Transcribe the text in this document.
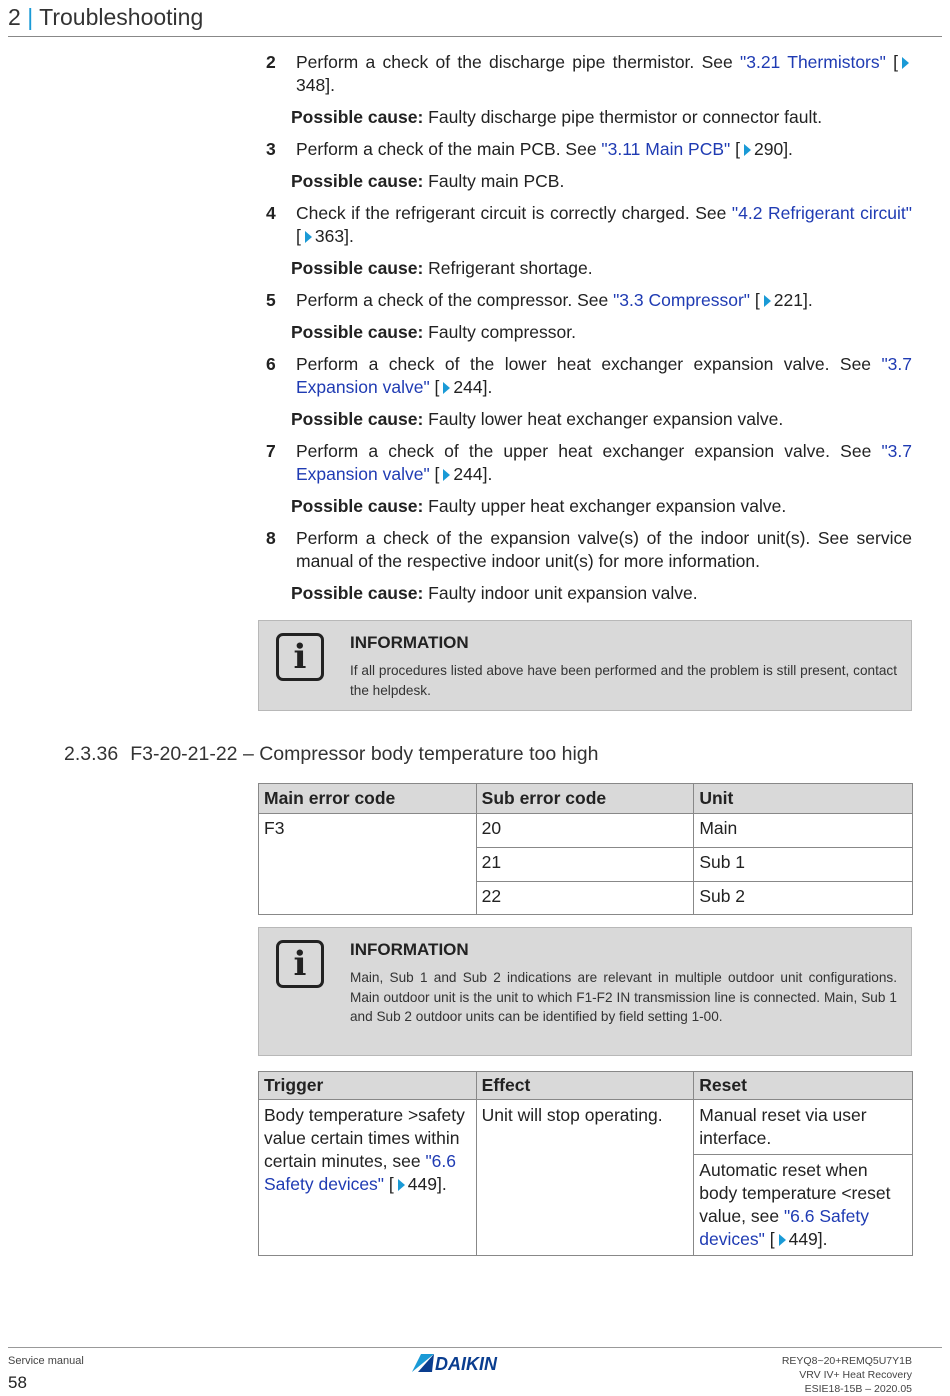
2 | Troubleshooting
2 Perform a check of the discharge pipe thermistor. See "3.21 Thermistors" [348].
Possible cause: Faulty discharge pipe thermistor or connector fault.
3 Perform a check of the main PCB. See "3.11 Main PCB" [ 290].
Possible cause: Faulty main PCB.
4 Check if the refrigerant circuit is correctly charged. See "4.2 Refrigerant circuit" [ 363].
Possible cause: Refrigerant shortage.
5 Perform a check of the compressor. See "3.3 Compressor" [ 221].
Possible cause: Faulty compressor.
6 Perform a check of the lower heat exchanger expansion valve. See "3.7 Expansion valve" [ 244].
Possible cause: Faulty lower heat exchanger expansion valve.
7 Perform a check of the upper heat exchanger expansion valve. See "3.7 Expansion valve" [ 244].
Possible cause: Faulty upper heat exchanger expansion valve.
8 Perform a check of the expansion valve(s) of the indoor unit(s). See service manual of the respective indoor unit(s) for more information.
Possible cause: Faulty indoor unit expansion valve.
i	INFORMATION
If all procedures listed above have been performed and the problem is still present, contact the helpdesk.
2.3.36 F3-20-21-22 – Compressor body temperature too high
Main error code	Sub error code	Unit
F3	20	Main
	21	Sub 1
	22	Sub 2
i	INFORMATION
Main, Sub 1 and Sub 2 indications are relevant in multiple outdoor unit configurations. Main outdoor unit is the unit to which F1-F2 IN transmission line is connected. Main, Sub 1 and Sub 2 outdoor units can be identified by field setting 1-00.
Trigger	Effect	Reset
Body temperature >safety value certain times within certain minutes, see "6.6 Safety devices" [ 449].	Unit will stop operating.	Manual reset via user interface.
		Automatic reset when body temperature <reset value, see "6.6 Safety devices" [ 449].
Service manual
58
DAIKIN	REYQ8~20+REMQ5U7Y1B
VRV IV+ Heat Recovery
ESIE18-15B – 2020.05
